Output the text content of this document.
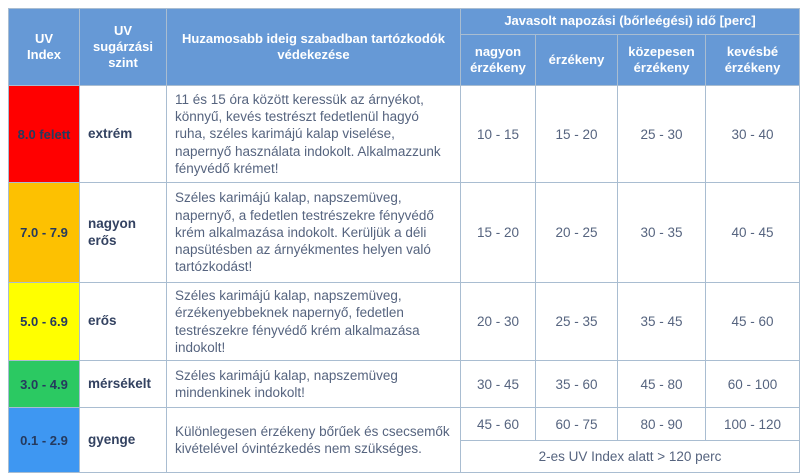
UV Index	UV sugárzási szint	Huzamosabb ideig szabadban tartózkodók védekezése	Javasolt napozási (bőrleégési) idő [perc]			
			nagyon érzékeny	érzékeny	közepesen érzékeny	kevésbé érzékeny
8.0 felett	extrém	11 és 15 óra között keressük az árnyékot, könnyű, kevés testrészt fedetlenül hagyó ruha, széles karimájú kalap viselése, napernyő használata indokolt. Alkalmazzunk fényvédő krémet!	10 - 15	15 - 20	25 - 30	30 - 40
7.0 - 7.9	nagyon erős	Széles karimájú kalap, napszemüveg, napernyő, a fedetlen testrészekre fényvédő krém alkalmazása indokolt. Kerüljük a déli napsütésben az árnyékmentes helyen való tartózkodást!	15 - 20	20 - 25	30 - 35	40 - 45
5.0 - 6.9	erős	Széles karimájú kalap, napszemüveg, érzékenyebbeknek napernyő, fedetlen testrészekre fényvédő krém alkalmazása indokolt!	20 - 30	25 - 35	35 - 45	45 - 60
3.0 - 4.9	mérsékelt	Széles karimájú kalap, napszemüveg mindenkinek indokolt!	30 - 45	35 - 60	45 - 80	60 - 100
0.1 - 2.9	gyenge	Különlegesen érzékeny bőrűek és csecsemők kivételével óvintézkedés nem szükséges.	45 - 60	60 - 75	80 - 90	100 - 120
			2-es UV Index alatt > 120 perc			
